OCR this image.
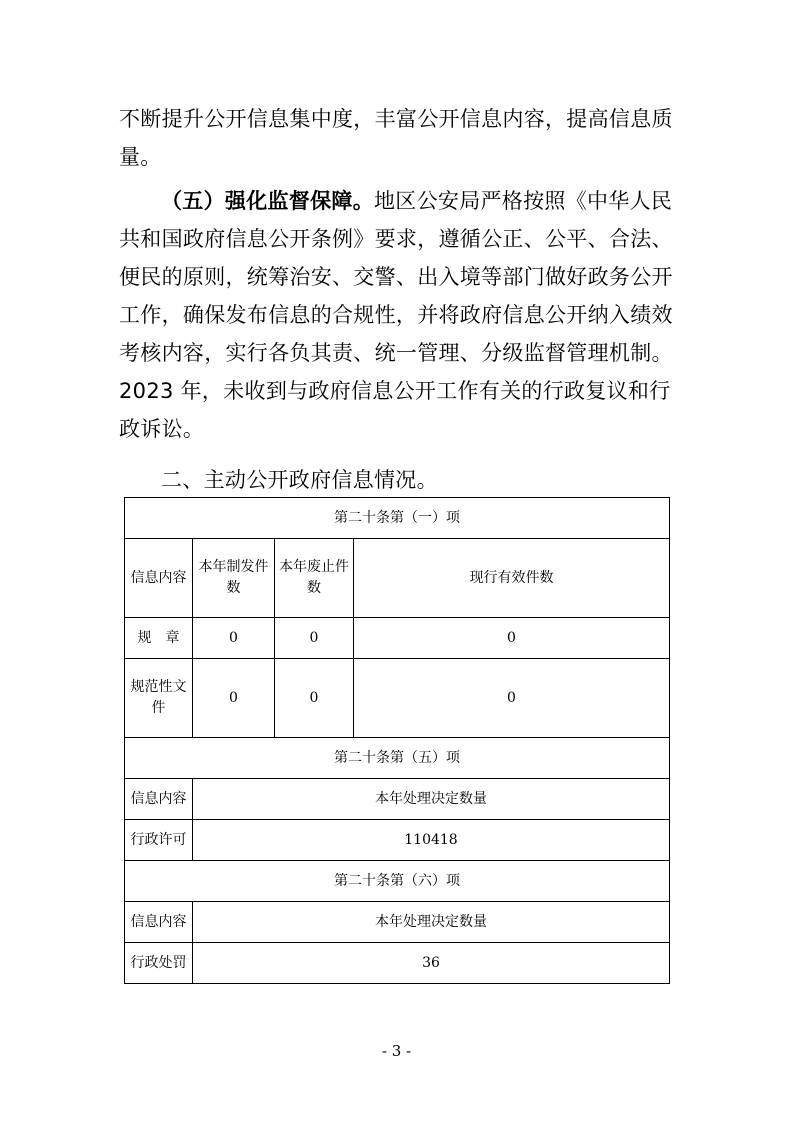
不断提升公开信息集中度，丰富公开信息内容，提高信息质量。

（五）强化监督保障。地区公安局严格按照《中华人民共和国政府信息公开条例》要求，遵循公正、公平、合法、便民的原则，统筹治安、交警、出入境等部门做好政务公开工作，确保发布信息的合规性，并将政府信息公开纳入绩效考核内容，实行各负其责、统一管理、分级监督管理机制。2023 年，未收到与政府信息公开工作有关的行政复议和行政诉讼。

二、主动公开政府信息情况。

第二十条第（一）项			
信息内容	本年制发件数	本年废止件数	现行有效件数
规　章	0	0	0
规范性文件	0	0	0
第二十条第（五）项			
信息内容	本年处理决定数量		
行政许可	110418		
第二十条第（六）项			
信息内容	本年处理决定数量		
行政处罚	36		
- 3 -
